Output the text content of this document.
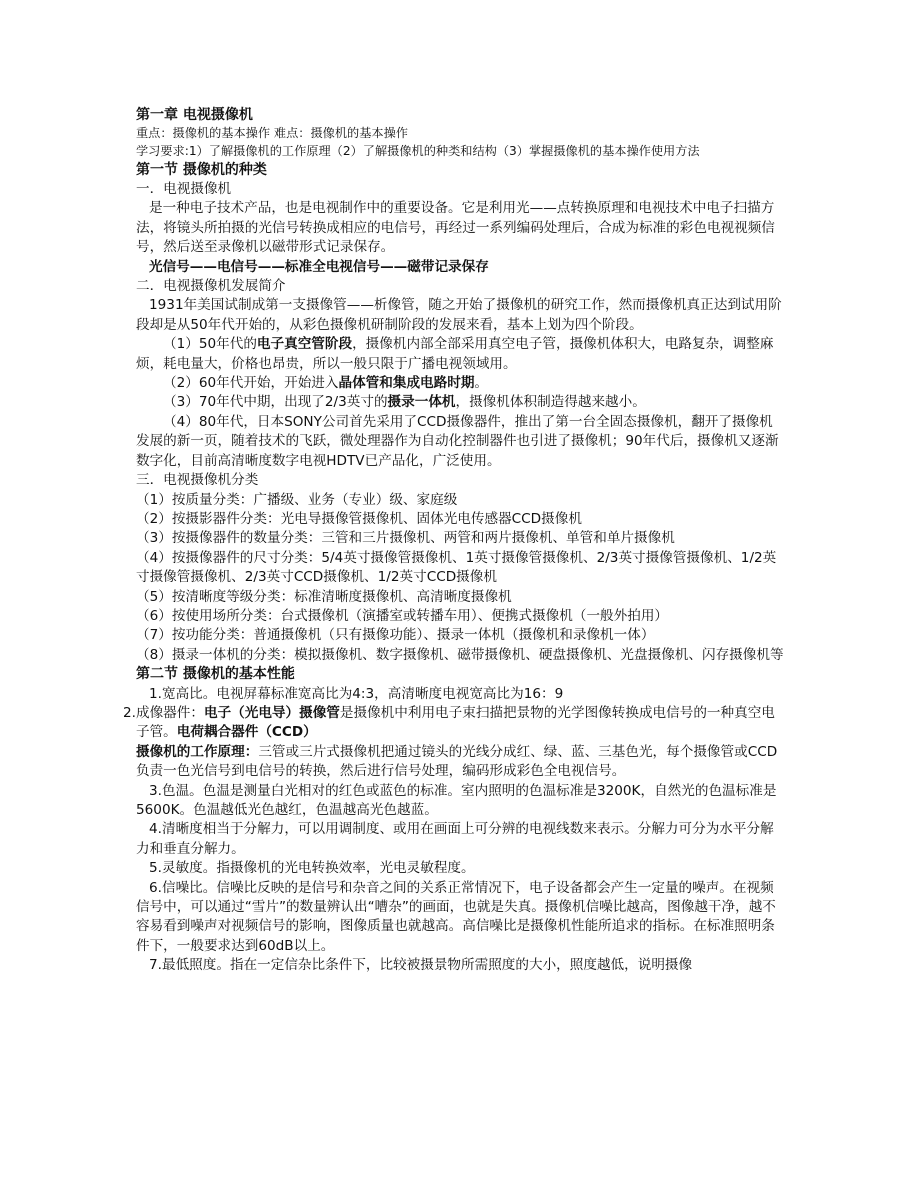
第一章 电视摄像机

重点：摄像机的基本操作 难点：摄像机的基本操作

学习要求:1）了解摄像机的工作原理（2）了解摄像机的种类和结构（3）掌握摄像机的基本操作使用方法

第一节 摄像机的种类

一．电视摄像机

是一种电子技术产品，也是电视制作中的重要设备。它是利用光——点转换原理和电视技术中电子扫描方法，将镜头所拍摄的光信号转换成相应的电信号，再经过一系列编码处理后，合成为标准的彩色电视视频信号，然后送至录像机以磁带形式记录保存。

光信号——电信号——标准全电视信号——磁带记录保存

二．电视摄像机发展简介

1931年美国试制成第一支摄像管——析像管，随之开始了摄像机的研究工作，然而摄像机真正达到试用阶段却是从50年代开始的，从彩色摄像机研制阶段的发展来看，基本上划为四个阶段。

（1）50年代的电子真空管阶段，摄像机内部全部采用真空电子管，摄像机体积大，电路复杂，调整麻烦，耗电量大，价格也昂贵，所以一般只限于广播电视领域用。

（2）60年代开始，开始进入晶体管和集成电路时期。

（3）70年代中期，出现了2/3英寸的摄录一体机，摄像机体积制造得越来越小。

（4）80年代，日本SONY公司首先采用了CCD摄像器件，推出了第一台全固态摄像机，翻开了摄像机发展的新一页，随着技术的飞跃，微处理器作为自动化控制器件也引进了摄像机；90年代后，摄像机又逐渐数字化，目前高清晰度数字电视HDTV已产品化，广泛使用。

三．电视摄像机分类

（1）按质量分类：广播级、业务（专业）级、家庭级

（2）按摄影器件分类：光电导摄像管摄像机、固体光电传感器CCD摄像机

（3）按摄像器件的数量分类：三管和三片摄像机、两管和两片摄像机、单管和单片摄像机

（4）按摄像器件的尺寸分类：5/4英寸摄像管摄像机、1英寸摄像管摄像机、2/3英寸摄像管摄像机、1/2英寸摄像管摄像机、2/3英寸CCD摄像机、1/2英寸CCD摄像机

（5）按清晰度等级分类：标准清晰度摄像机、高清晰度摄像机

（6）按使用场所分类：台式摄像机（演播室或转播车用）、便携式摄像机（一般外拍用）

（7）按功能分类：普通摄像机（只有摄像功能）、摄录一体机（摄像机和录像机一体）

（8）摄录一体机的分类：模拟摄像机、数字摄像机、磁带摄像机、硬盘摄像机、光盘摄像机、闪存摄像机等

第二节 摄像机的基本性能

1.宽高比。电视屏幕标准宽高比为4:3，高清晰度电视宽高比为16：9

2.成像器件：电子（光电导）摄像管是摄像机中利用电子束扫描把景物的光学图像转换成电信号的一种真空电子管。电荷耦合器件（CCD）

摄像机的工作原理：三管或三片式摄像机把通过镜头的光线分成红、绿、蓝、三基色光，每个摄像管或CCD负责一色光信号到电信号的转换，然后进行信号处理，编码形成彩色全电视信号。

3.色温。色温是测量白光相对的红色或蓝色的标准。室内照明的色温标准是3200K，自然光的色温标准是5600K。色温越低光色越红，色温越高光色越蓝。

4.清晰度相当于分解力，可以用调制度、或用在画面上可分辨的电视线数来表示。分解力可分为水平分解力和垂直分解力。

5.灵敏度。指摄像机的光电转换效率，光电灵敏程度。

6.信噪比。信噪比反映的是信号和杂音之间的关系正常情况下，电子设备都会产生一定量的噪声。在视频信号中，可以通过“雪片”的数量辨认出“嘈杂”的画面，也就是失真。摄像机信噪比越高，图像越干净，越不容易看到噪声对视频信号的影响，图像质量也就越高。高信噪比是摄像机性能所追求的指标。在标准照明条件下，一般要求达到60dB以上。

7.最低照度。指在一定信杂比条件下，比较被摄景物所需照度的大小，照度越低，说明摄像
